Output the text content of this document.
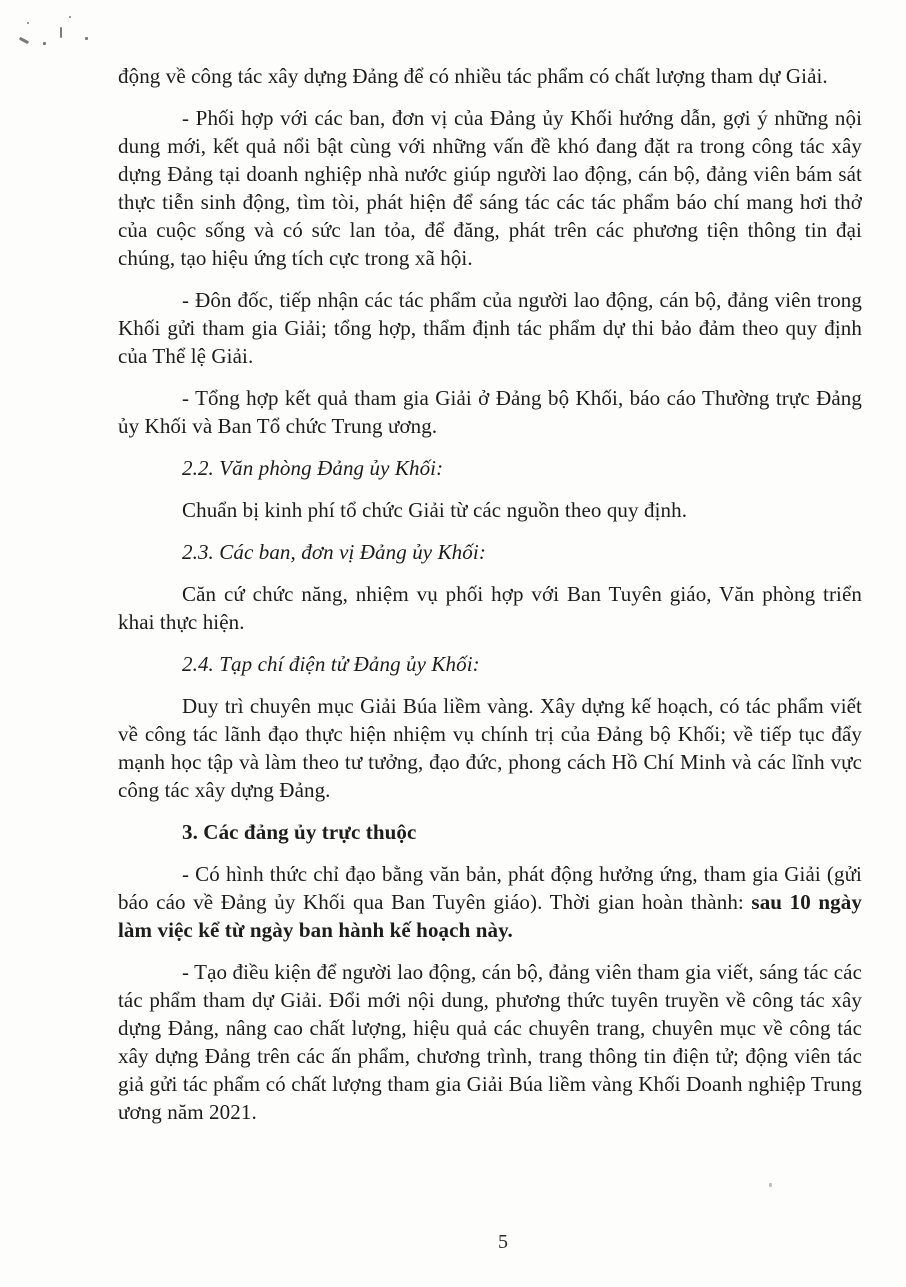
động về công tác xây dựng Đảng để có nhiều tác phẩm có chất lượng tham dự Giải.

- Phối hợp với các ban, đơn vị của Đảng ủy Khối hướng dẫn, gợi ý những nội dung mới, kết quả nổi bật cùng với những vấn đề khó đang đặt ra trong công tác xây dựng Đảng tại doanh nghiệp nhà nước giúp người lao động, cán bộ, đảng viên bám sát thực tiễn sinh động, tìm tòi, phát hiện để sáng tác các tác phẩm báo chí mang hơi thở của cuộc sống và có sức lan tỏa, để đăng, phát trên các phương tiện thông tin đại chúng, tạo hiệu ứng tích cực trong xã hội.

- Đôn đốc, tiếp nhận các tác phẩm của người lao động, cán bộ, đảng viên trong Khối gửi tham gia Giải; tổng hợp, thẩm định tác phẩm dự thi bảo đảm theo quy định của Thể lệ Giải.

- Tổng hợp kết quả tham gia Giải ở Đảng bộ Khối, báo cáo Thường trực Đảng ủy Khối và Ban Tổ chức Trung ương.

2.2. Văn phòng Đảng ủy Khối:

Chuẩn bị kinh phí tổ chức Giải từ các nguồn theo quy định.

2.3. Các ban, đơn vị Đảng ủy Khối:

Căn cứ chức năng, nhiệm vụ phối hợp với Ban Tuyên giáo, Văn phòng triển khai thực hiện.

2.4. Tạp chí điện tử Đảng ủy Khối:

Duy trì chuyên mục Giải Búa liềm vàng. Xây dựng kế hoạch, có tác phẩm viết về công tác lãnh đạo thực hiện nhiệm vụ chính trị của Đảng bộ Khối; về tiếp tục đẩy mạnh học tập và làm theo tư tưởng, đạo đức, phong cách Hồ Chí Minh và các lĩnh vực công tác xây dựng Đảng.

3. Các đảng ủy trực thuộc

- Có hình thức chỉ đạo bằng văn bản, phát động hưởng ứng, tham gia Giải (gửi báo cáo về Đảng ủy Khối qua Ban Tuyên giáo). Thời gian hoàn thành: sau 10 ngày làm việc kể từ ngày ban hành kế hoạch này.

- Tạo điều kiện để người lao động, cán bộ, đảng viên tham gia viết, sáng tác các tác phẩm tham dự Giải. Đổi mới nội dung, phương thức tuyên truyền về công tác xây dựng Đảng, nâng cao chất lượng, hiệu quả các chuyên trang, chuyên mục về công tác xây dựng Đảng trên các ấn phẩm, chương trình, trang thông tin điện tử; động viên tác giả gửi tác phẩm có chất lượng tham gia Giải Búa liềm vàng Khối Doanh nghiệp Trung ương năm 2021.

5
